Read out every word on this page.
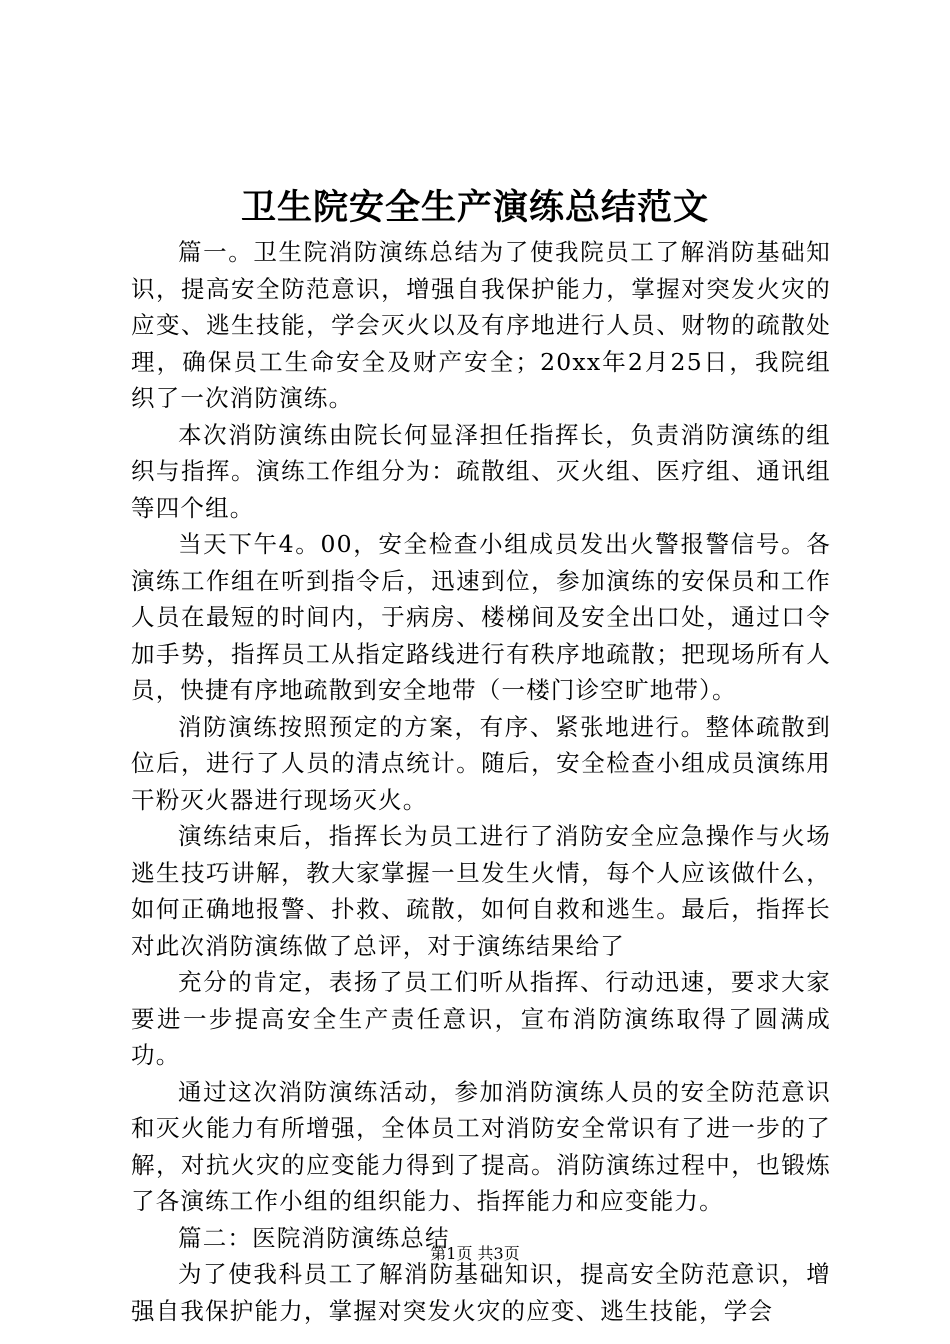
卫生院安全生产演练总结范文

篇一。卫生院消防演练总结为了使我院员工了解消防基础知识，提高安全防范意识，增强自我保护能力，掌握对突发火灾的应变、逃生技能，学会灭火以及有序地进行人员、财物的疏散处理，确保员工生命安全及财产安全；20xx年2月25日，我院组织了一次消防演练。

本次消防演练由院长何显泽担任指挥长，负责消防演练的组织与指挥。演练工作组分为：疏散组、灭火组、医疗组、通讯组等四个组。

当天下午4。00，安全检查小组成员发出火警报警信号。各演练工作组在听到指令后，迅速到位，参加演练的安保员和工作人员在最短的时间内，于病房、楼梯间及安全出口处，通过口令加手势，指挥员工从指定路线进行有秩序地疏散；把现场所有人员，快捷有序地疏散到安全地带（一楼门诊空旷地带）。

消防演练按照预定的方案，有序、紧张地进行。整体疏散到位后，进行了人员的清点统计。随后，安全检查小组成员演练用干粉灭火器进行现场灭火。

演练结束后，指挥长为员工进行了消防安全应急操作与火场逃生技巧讲解，教大家掌握一旦发生火情，每个人应该做什么，如何正确地报警、扑救、疏散，如何自救和逃生。最后，指挥长对此次消防演练做了总评，对于演练结果给了

充分的肯定，表扬了员工们听从指挥、行动迅速，要求大家要进一步提高安全生产责任意识，宣布消防演练取得了圆满成功。

通过这次消防演练活动，参加消防演练人员的安全防范意识和灭火能力有所增强，全体员工对消防安全常识有了进一步的了解，对抗火灾的应变能力得到了提高。消防演练过程中，也锻炼了各演练工作小组的组织能力、指挥能力和应变能力。

篇二：医院消防演练总结

为了使我科员工了解消防基础知识，提高安全防范意识，增强自我保护能力，掌握对突发火灾的应变、逃生技能，学会

第1页 共3页
